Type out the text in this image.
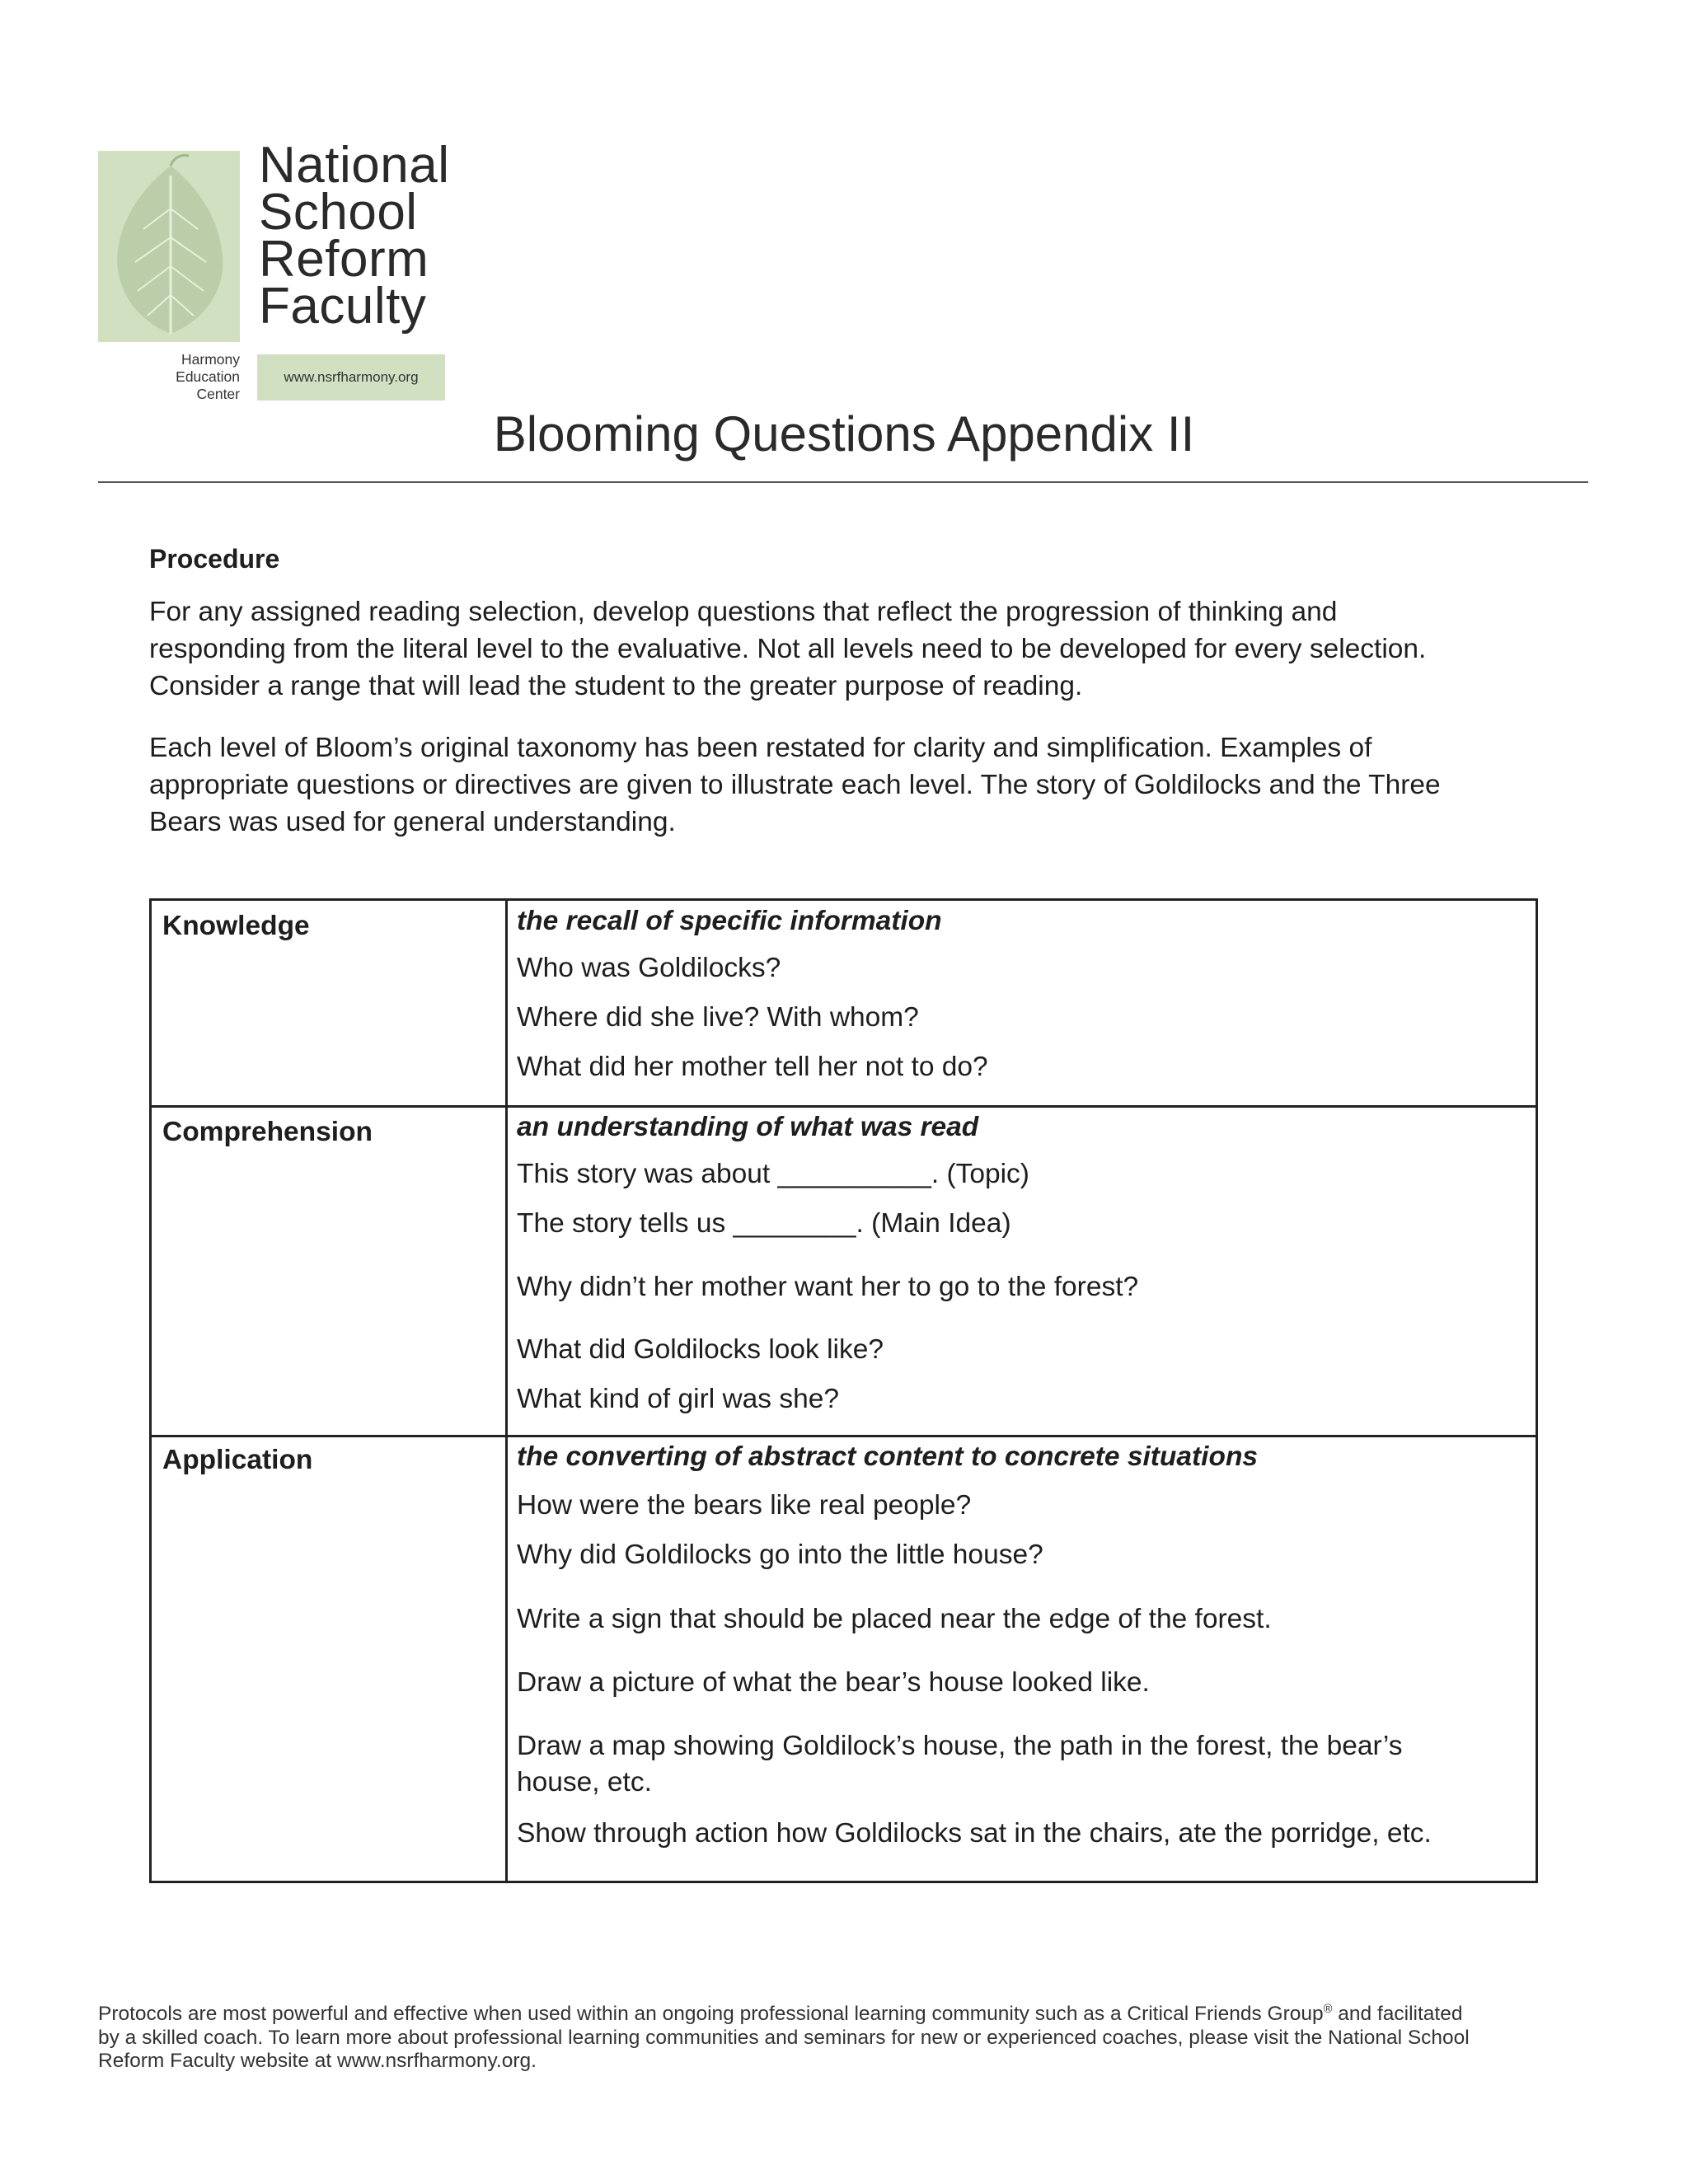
National
School
Reform
Faculty
Harmony
Education
Center
www.nsrfharmony.org
Blooming Questions Appendix II
Procedure
For any assigned reading selection, develop questions that reflect the progression of thinking and
responding from the literal level to the evaluative. Not all levels need to be developed for every selection.
Consider a range that will lead the student to the greater purpose of reading.
Each level of Bloom’s original taxonomy has been restated for clarity and simplification. Examples of
appropriate questions or directives are given to illustrate each level. The story of Goldilocks and the Three
Bears was used for general understanding.
Knowledge	the recall of specific information
Who was Goldilocks?
Where did she live? With whom?
What did her mother tell her not to do?
Comprehension	an understanding of what was read
This story was about __________. (Topic)
The story tells us ________. (Main Idea)
Why didn’t her mother want her to go to the forest?
What did Goldilocks look like?
What kind of girl was she?
Application	the converting of abstract content to concrete situations
How were the bears like real people?
Why did Goldilocks go into the little house?
Write a sign that should be placed near the edge of the forest.
Draw a picture of what the bear’s house looked like.
Draw a map showing Goldilock’s house, the path in the forest, the bear’s
house, etc.
Show through action how Goldilocks sat in the chairs, ate the porridge, etc.
Protocols are most powerful and effective when used within an ongoing professional learning community such as a Critical Friends Group® and facilitated
by a skilled coach. To learn more about professional learning communities and seminars for new or experienced coaches, please visit the National School
Reform Faculty website at www.nsrfharmony.org.
